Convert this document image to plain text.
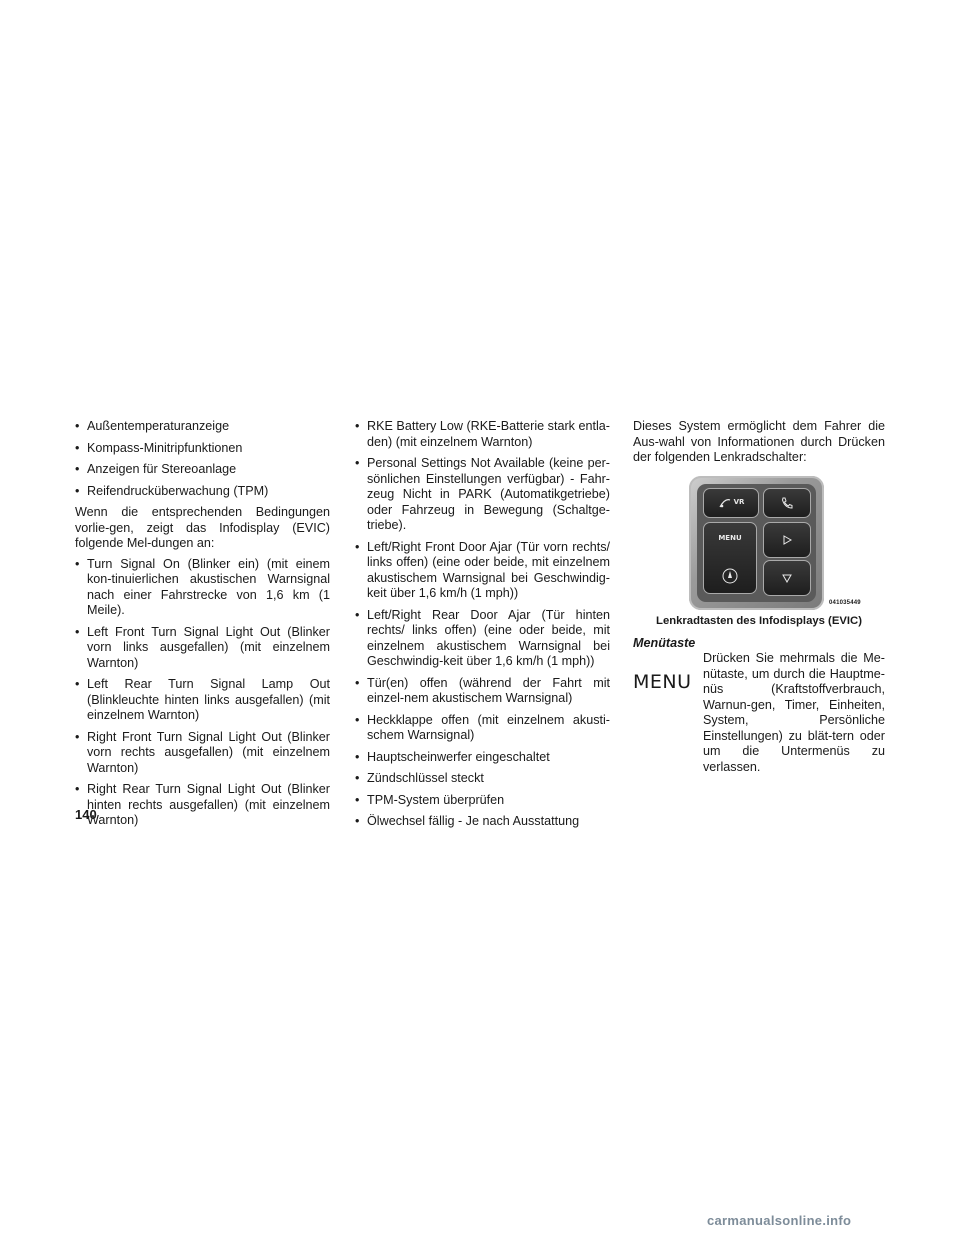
• Außentemperaturanzeige
• Kompass-Minitripfunktionen
• Anzeigen für Stereoanlage
• Reifendrucküberwachung (TPM)

Wenn die entsprechenden Bedingungen vorlie-gen, zeigt das Infodisplay (EVIC) folgende Mel-dungen an:

• Turn Signal On (Blinker ein) (mit einem kon-tinuierlichen akustischen Warnsignal nach einer Fahrstrecke von 1,6 km (1 Meile).
• Left Front Turn Signal Light Out (Blinker vorn links ausgefallen) (mit einzelnem Warnton)
• Left Rear Turn Signal Lamp Out (Blinkleuchte hinten links ausgefallen) (mit einzelnem Warnton)
• Right Front Turn Signal Light Out (Blinker vorn rechts ausgefallen) (mit einzelnem Warnton)
• Right Rear Turn Signal Light Out (Blinker hinten rechts ausgefallen) (mit einzelnem Warnton)
• RKE Battery Low (RKE-Batterie stark entla-den) (mit einzelnem Warnton)
• Personal Settings Not Available (keine per-sönlichen Einstellungen verfügbar) - Fahr-zeug Nicht in PARK (Automatikgetriebe) oder Fahrzeug in Bewegung (Schaltge-triebe).
• Left/Right Front Door Ajar (Tür vorn rechts/ links offen) (eine oder beide, mit einzelnem akustischem Warnsignal bei Geschwindig-keit über 1,6 km/h (1 mph))
• Left/Right Rear Door Ajar (Tür hinten rechts/ links offen) (eine oder beide, mit einzelnem akustischem Warnsignal bei Geschwindig-keit über 1,6 km/h (1 mph))
• Tür(en) offen (während der Fahrt mit einzel-nem akustischem Warnsignal)
• Heckklappe offen (mit einzelnem akusti-schem Warnsignal)
• Hauptscheinwerfer eingeschaltet
• Zündschlüssel steckt
• TPM-System überprüfen
• Ölwechsel fällig - Je nach Ausstattung

Dieses System ermöglicht dem Fahrer die Aus-wahl von Informationen durch Drücken der folgenden Lenkradschalter:

VR
MENU
041035449
Lenkradtasten des Infodisplays (EVIC)
Menütaste
MENU

Drücken Sie mehrmals die Me-nütaste, um durch die Hauptme-nüs (Kraftstoffverbrauch, Warnun-gen, Timer, Einheiten, System, Persönliche Einstellungen) zu blät-tern oder um die Untermenüs zu verlassen.

140
carmanualsonline.info
